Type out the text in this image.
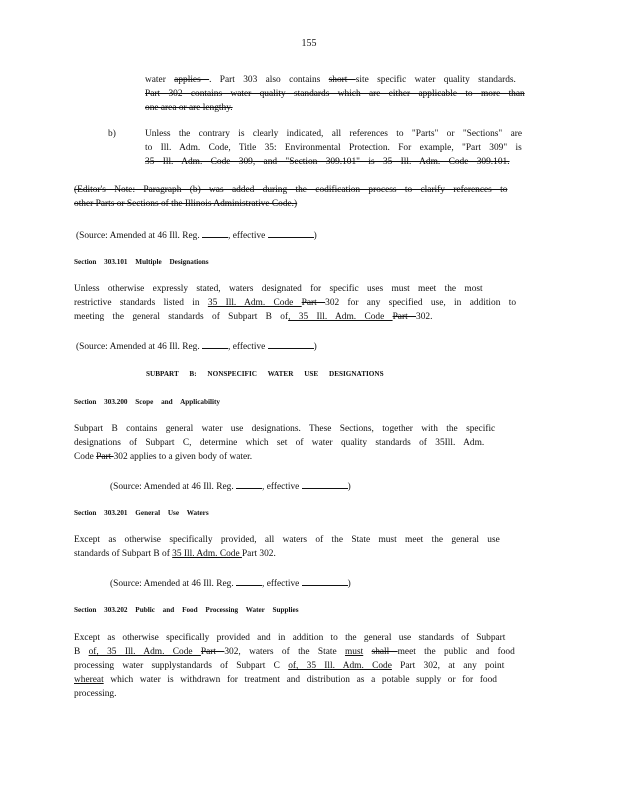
155
water applies . Part 303 also contains short site specific water quality standards.
Part 302 contains water quality standards which are either applicable to more than
one area or are lengthy.
b)	Unless the contrary is clearly indicated, all references to "Parts" or "Sections" are
to Ill. Adm. Code, Title 35: Environmental Protection. For example, "Part 309" is
35 Ill. Adm. Code 309, and "Section 309.101" is 35 Ill. Adm. Code 309.101.
(Editor's Note: Paragraph (b) was added during the codification process to clarify references to
other Parts or Sections of the Illinois Administrative Code.)
(Source: Amended at 46 Ill. Reg.	, effective	)
Section 303.101 Multiple Designations
Unless otherwise expressly stated, waters designated for specific uses must meet the most
restrictive standards listed in 35 Ill. Adm. Code Part 302 for any specified use, in addition to
meeting the general standards of Subpart B of, 35 Ill. Adm. Code Part 302.
(Source: Amended at 46 Ill. Reg.	, effective	)
SUBPART B: NONSPECIFIC WATER USE DESIGNATIONS
Section 303.200 Scope and Applicability
Subpart B contains general water use designations. These Sections, together with the specific
designations of Subpart C, determine which set of water quality standards of 35Ill. Adm.
Code Part 302 applies to a given body of water.
(Source: Amended at 46 Ill. Reg.	, effective	)
Section 303.201 General Use Waters
Except as otherwise specifically provided, all waters of the State must meet the general use
standards of Subpart B of 35 Ill. Adm. Code Part 302.
(Source: Amended at 46 Ill. Reg.	, effective	)
Section 303.202 Public and Food Processing Water Supplies
Except as otherwise specifically provided and in addition to the general use standards of Subpart
B of, 35 Ill. Adm. Code Part 302, waters of the State must shall meet the public and food
processing water supplystandards of Subpart C of, 35 Ill. Adm. Code Part 302, at any point
whereat which water is withdrawn for treatment and distribution as a potable supply or for food
processing.
